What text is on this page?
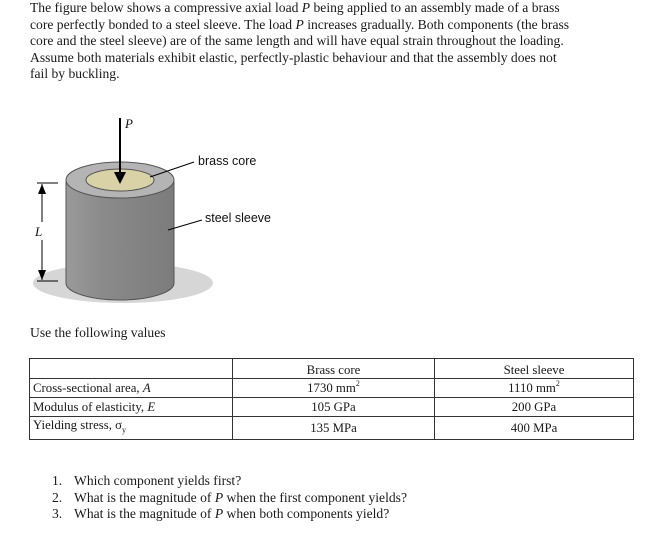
The figure below shows a compressive axial load P being applied to an assembly made of a brass
core perfectly bonded to a steel sleeve. The load P increases gradually. Both components (the brass
core and the steel sleeve) are of the same length and will have equal strain throughout the loading.
Assume both materials exhibit elastic, perfectly-plastic behaviour and that the assembly does not
fail by buckling.
P
L
brass core
steel sleeve

Use the following values

	Brass core	Steel sleeve
Cross-sectional area, A	1730 $mm^2$	1110 $mm^2$
Modulus of elasticity, E	105 GPa	200 GPa
Yielding stress, $\sigma_y$	135 MPa	400 MPa
1. Which component yields first?
2. What is the magnitude of P when the first component yields?
3. What is the magnitude of P when both components yield?
